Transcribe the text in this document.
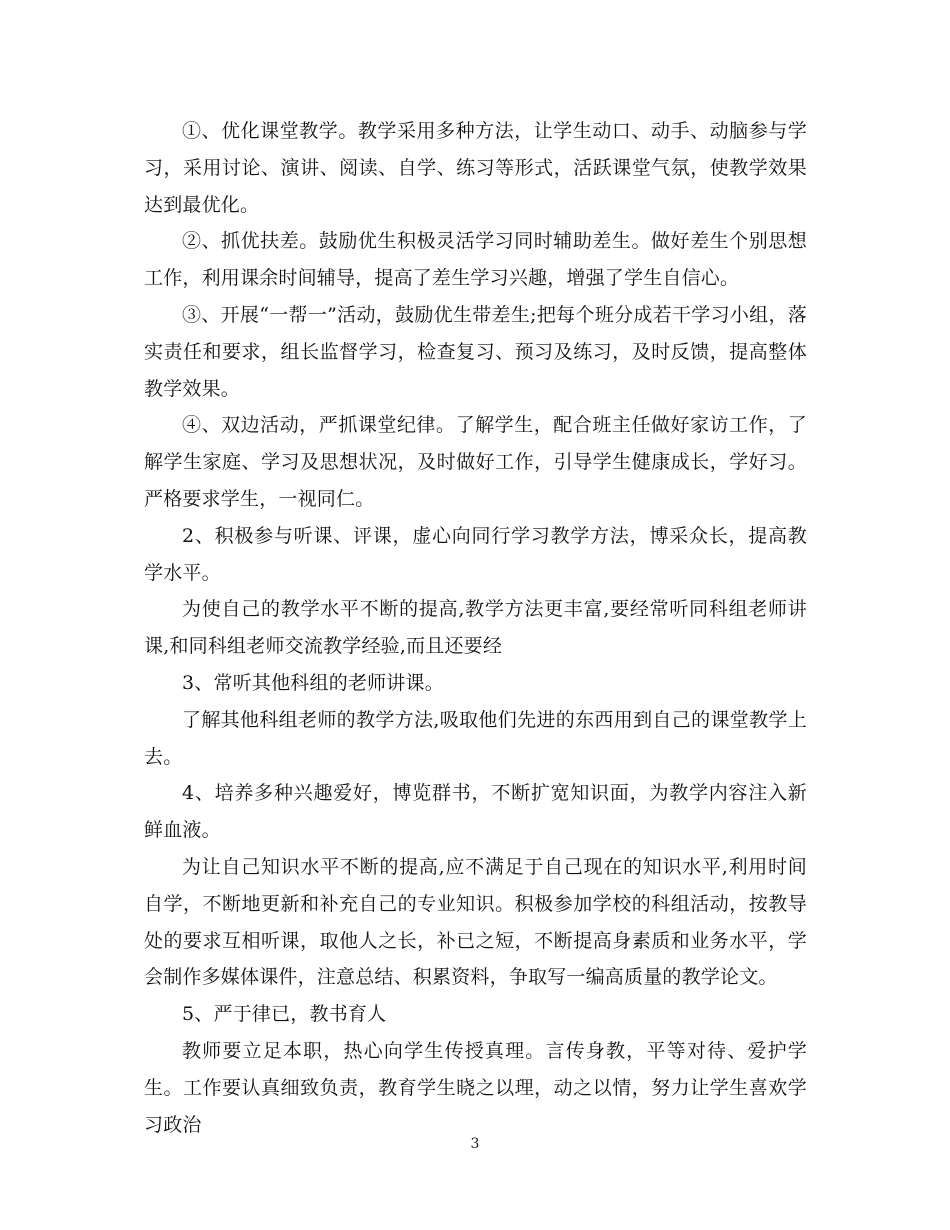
①、优化课堂教学。教学采用多种方法，让学生动口、动手、动脑参与学习，采用讨论、演讲、阅读、自学、练习等形式，活跃课堂气氛，使教学效果达到最优化。

②、抓优扶差。鼓励优生积极灵活学习同时辅助差生。做好差生个别思想工作，利用课余时间辅导，提高了差生学习兴趣，增强了学生自信心。

③、开展“一帮一”活动，鼓励优生带差生;把每个班分成若干学习小组，落实责任和要求，组长监督学习，检查复习、预习及练习，及时反馈，提高整体教学效果。

④、双边活动，严抓课堂纪律。了解学生，配合班主任做好家访工作，了解学生家庭、学习及思想状况，及时做好工作，引导学生健康成长，学好习。严格要求学生，一视同仁。

2、积极参与听课、评课，虚心向同行学习教学方法，博采众长，提高教学水平。

为使自己的教学水平不断的提高,教学方法更丰富,要经常听同科组老师讲课,和同科组老师交流教学经验,而且还要经

3、常听其他科组的老师讲课。

了解其他科组老师的教学方法,吸取他们先进的东西用到自己的课堂教学上去。

4、培养多种兴趣爱好，博览群书，不断扩宽知识面，为教学内容注入新鲜血液。

为让自己知识水平不断的提高,应不满足于自己现在的知识水平,利用时间自学，不断地更新和补充自己的专业知识。积极参加学校的科组活动，按教导处的要求互相听课，取他人之长，补已之短，不断提高身素质和业务水平，学会制作多媒体课件，注意总结、积累资料，争取写一编高质量的教学论文。

5、严于律已，教书育人

教师要立足本职，热心向学生传授真理。言传身教，平等对待、爱护学生。工作要认真细致负责，教育学生晓之以理，动之以情，努力让学生喜欢学习政治

3
